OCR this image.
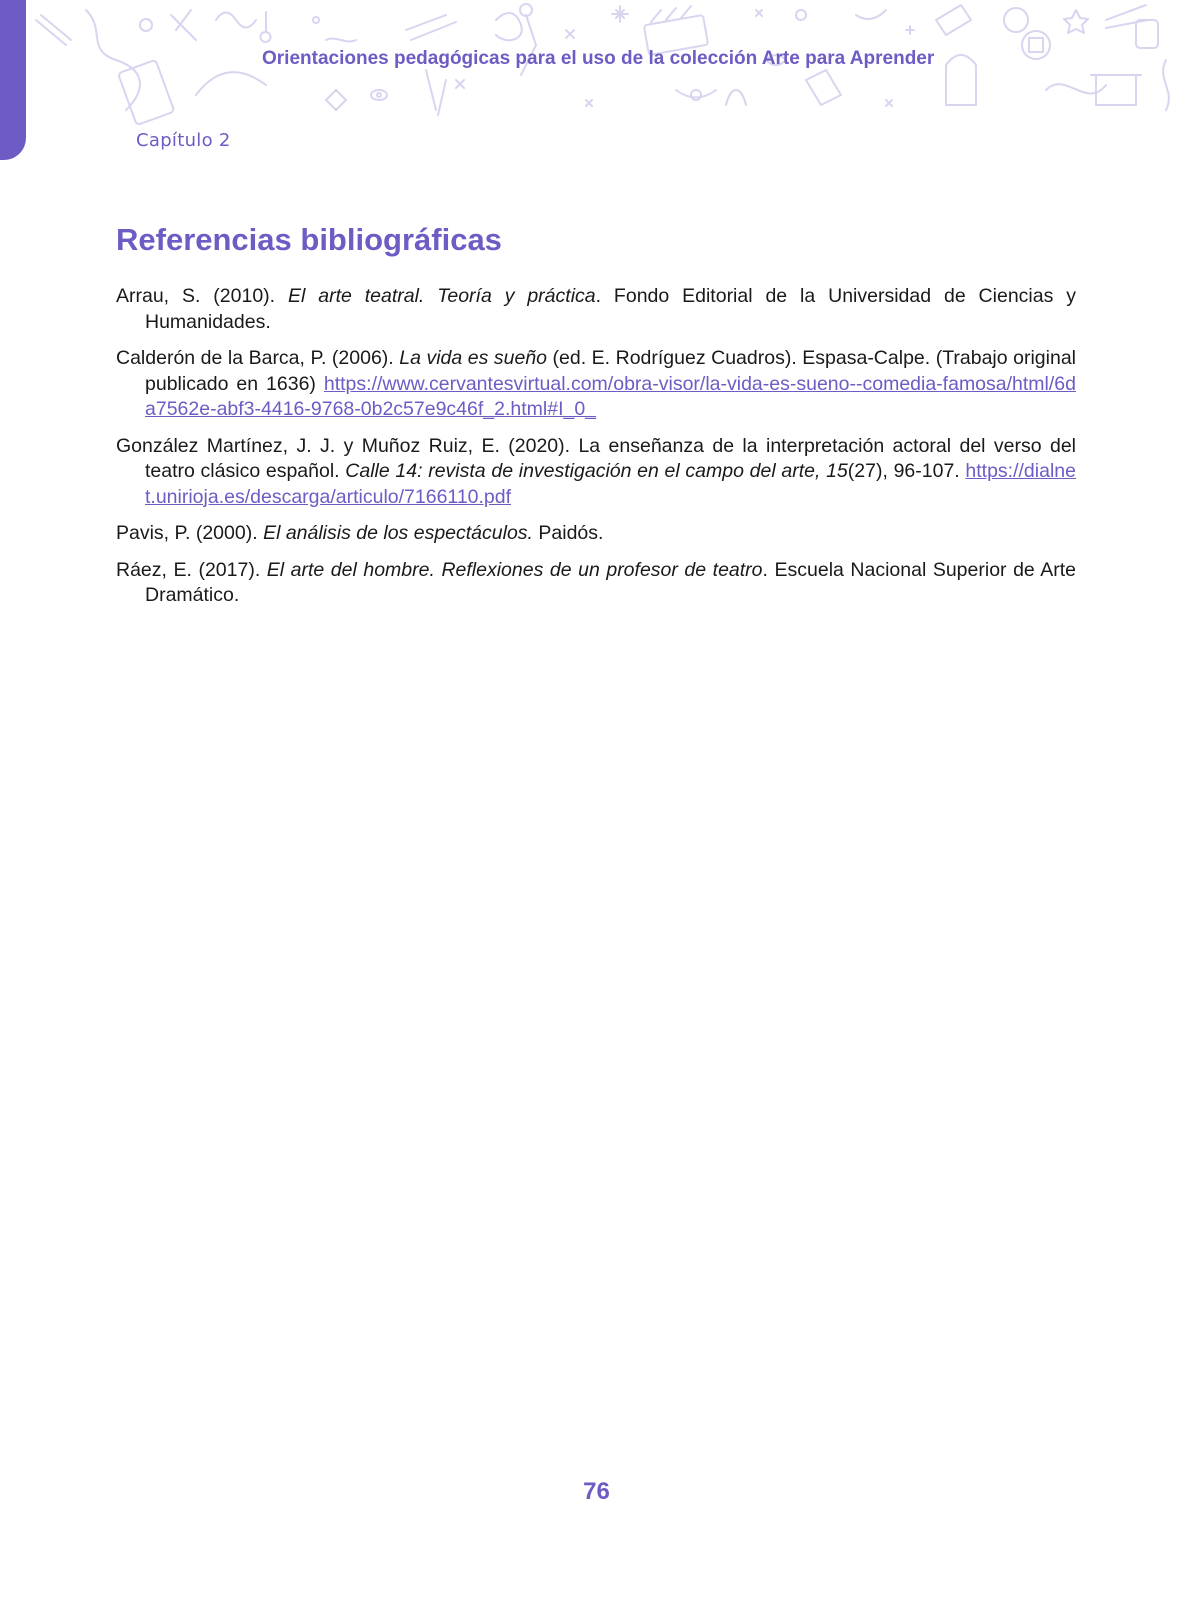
Orientaciones pedagógicas para el uso de la colección Arte para Aprender
Capítulo 2
Referencias bibliográficas
Arrau, S. (2010). El arte teatral. Teoría y práctica. Fondo Editorial de la Universidad de Ciencias y Humanidades.
Calderón de la Barca, P. (2006). La vida es sueño (ed. E. Rodríguez Cuadros). Espasa-Calpe. (Trabajo original publicado en 1636) https://www.cervantesvirtual.com/obra-visor/la-vida-es-sueno--comedia-famosa/html/6da7562e-abf3-4416-9768-0b2c57e9c46f_2.html#I_0_
González Martínez, J. J. y Muñoz Ruiz, E. (2020). La enseñanza de la interpretación actoral del verso del teatro clásico español. Calle 14: revista de investigación en el campo del arte, 15(27), 96-107. https://dialnet.unirioja.es/descarga/articulo/7166110.pdf
Pavis, P. (2000). El análisis de los espectáculos. Paidós.
Ráez, E. (2017). El arte del hombre. Reflexiones de un profesor de teatro. Escuela Nacional Superior de Arte Dramático.
76
